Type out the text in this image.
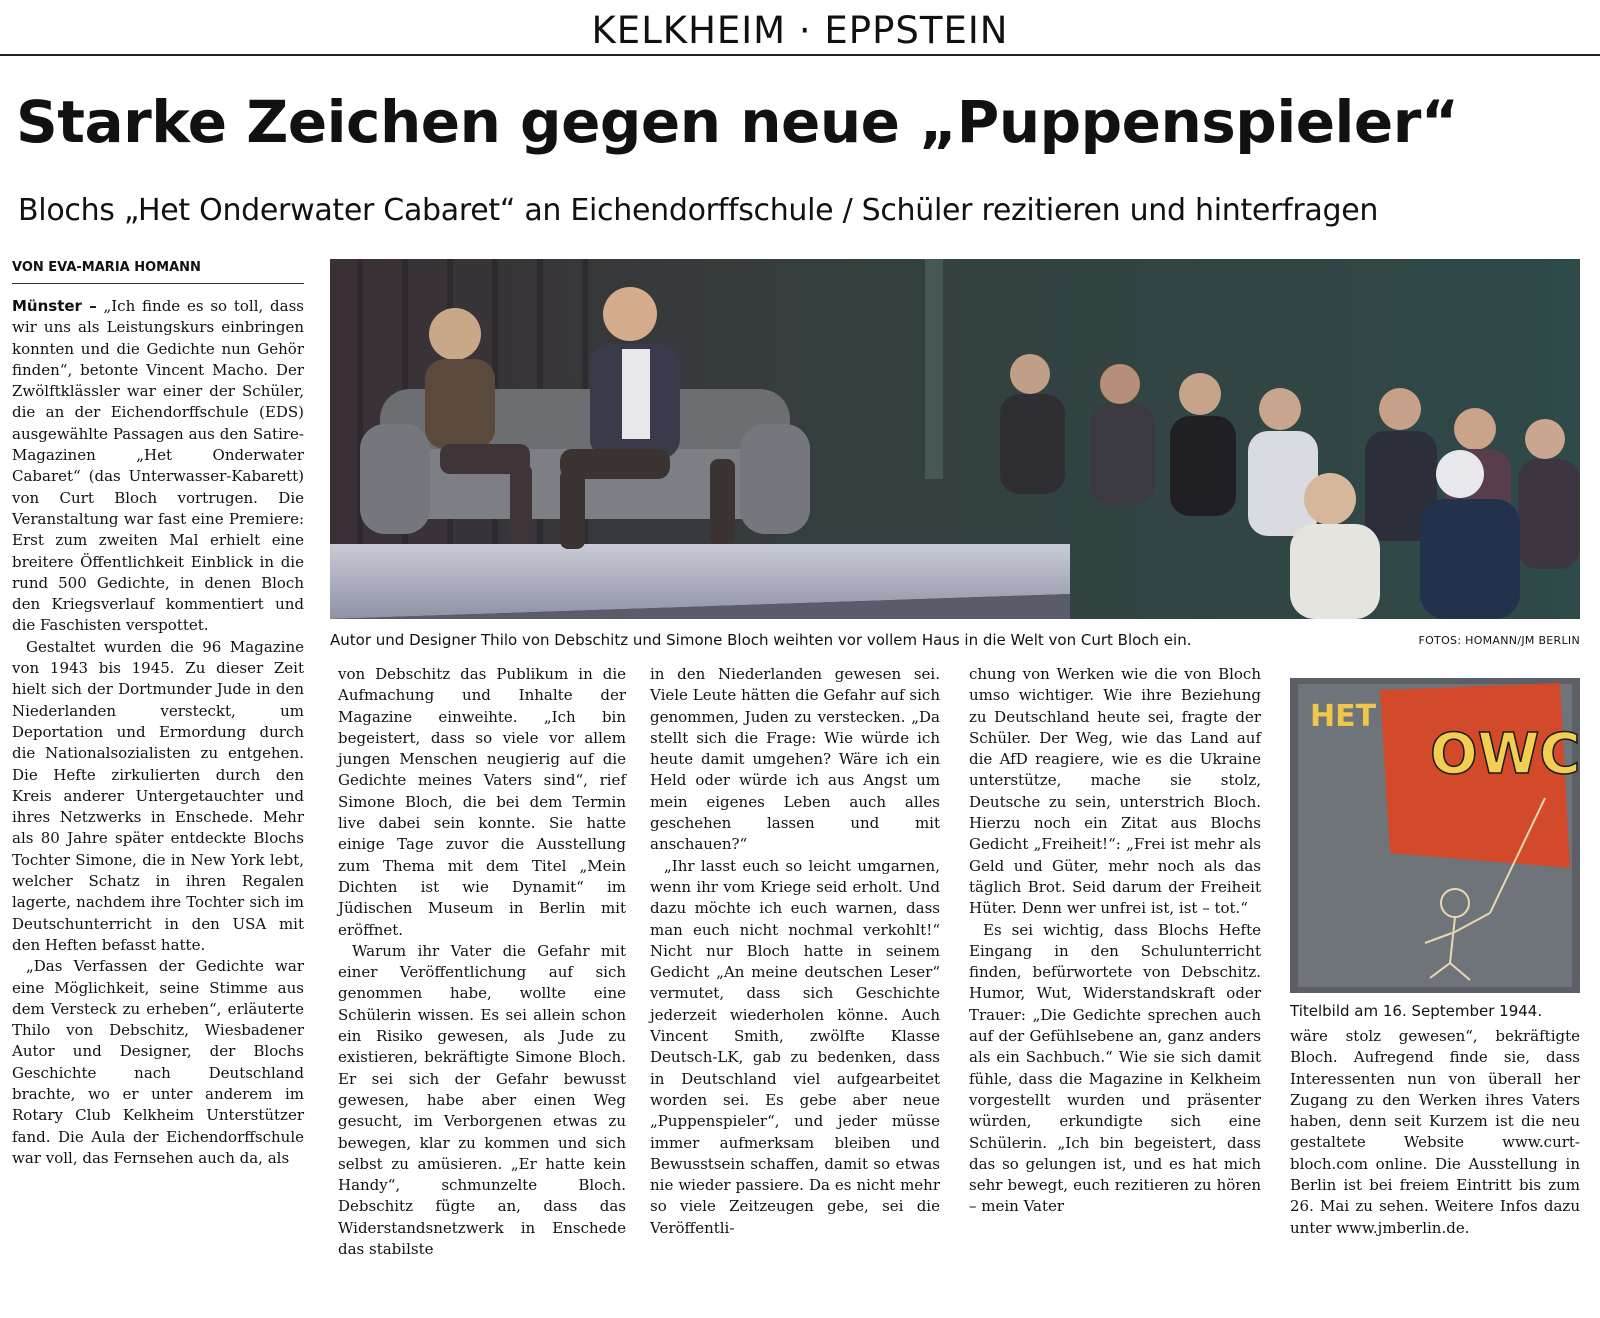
KELKHEIM · EPPSTEIN
Starke Zeichen gegen neue „Puppenspieler“
Blochs „Het Onderwater Cabaret“ an Eichendorffschule / Schüler rezitieren und hinterfragen
VON EVA-MARIA HOMANN

Münster – „Ich finde es so toll, dass wir uns als Leistungskurs einbringen konnten und die Gedichte nun Gehör finden“, betonte Vincent Macho. Der Zwölftklässler war einer der Schüler, die an der Eichendorffschule (EDS) ausgewählte Passagen aus den Satire-Magazinen „Het Onderwater Cabaret“ (das Unterwasser-Kabarett) von Curt Bloch vortrugen. Die Veranstaltung war fast eine Premiere: Erst zum zweiten Mal erhielt eine breitere Öffentlichkeit Einblick in die rund 500 Gedichte, in denen Bloch den Kriegsverlauf kommentiert und die Faschisten verspottet.

Gestaltet wurden die 96 Magazine von 1943 bis 1945. Zu dieser Zeit hielt sich der Dortmunder Jude in den Niederlanden versteckt, um Deportation und Ermordung durch die Nationalsozialisten zu entgehen. Die Hefte zirkulierten durch den Kreis anderer Untergetauchter und ihres Netzwerks in Enschede. Mehr als 80 Jahre später entdeckte Blochs Tochter Simone, die in New York lebt, welcher Schatz in ihren Regalen lagerte, nachdem ihre Tochter sich im Deutschunterricht in den USA mit den Heften befasst hatte.

„Das Verfassen der Gedichte war eine Möglichkeit, seine Stimme aus dem Versteck zu erheben“, erläuterte Thilo von Debschitz, Wiesbadener Autor und Designer, der Blochs Geschichte nach Deutschland brachte, wo er unter anderem im Rotary Club Kelkheim Unterstützer fand. Die Aula der Eichendorffschule war voll, das Fernsehen auch da, als

Autor und Designer Thilo von Debschitz und Simone Bloch weihten vor vollem Haus in die Welt von Curt Bloch ein.	FOTOS: HOMANN/JM BERLIN

von Debschitz das Publikum in die Aufmachung und Inhalte der Magazine einweihte. „Ich bin begeistert, dass so viele vor allem jungen Menschen neugierig auf die Gedichte meines Vaters sind“, rief Simone Bloch, die bei dem Termin live dabei sein konnte. Sie hatte einige Tage zuvor die Ausstellung zum Thema mit dem Titel „Mein Dichten ist wie Dynamit“ im Jüdischen Museum in Berlin mit eröffnet.

Warum ihr Vater die Gefahr mit einer Veröffentlichung auf sich genommen habe, wollte eine Schülerin wissen. Es sei allein schon ein Risiko gewesen, als Jude zu existieren, bekräftigte Simone Bloch. Er sei sich der Gefahr bewusst gewesen, habe aber einen Weg gesucht, im Verborgenen etwas zu bewegen, klar zu kommen und sich selbst zu amüsieren. „Er hatte kein Handy“, schmunzelte Bloch. Debschitz fügte an, dass das Widerstandsnetzwerk in Enschede das stabilste

in den Niederlanden gewesen sei. Viele Leute hätten die Gefahr auf sich genommen, Juden zu verstecken. „Da stellt sich die Frage: Wie würde ich heute damit umgehen? Wäre ich ein Held oder würde ich aus Angst um mein eigenes Leben auch alles geschehen lassen und mit anschauen?“

„Ihr lasst euch so leicht umgarnen, wenn ihr vom Kriege seid erholt. Und dazu möchte ich euch warnen, dass man euch nicht nochmal verkohlt!“ Nicht nur Bloch hatte in seinem Gedicht „An meine deutschen Leser“ vermutet, dass sich Geschichte jederzeit wiederholen könne. Auch Vincent Smith, zwölfte Klasse Deutsch-LK, gab zu bedenken, dass in Deutschland viel aufgearbeitet worden sei. Es gebe aber neue „Puppenspieler“, und jeder müsse immer aufmerksam bleiben und Bewusstsein schaffen, damit so etwas nie wieder passiere. Da es nicht mehr so viele Zeitzeugen gebe, sei die Veröffentli-

chung von Werken wie die von Bloch umso wichtiger. Wie ihre Beziehung zu Deutschland heute sei, fragte der Schüler. Der Weg, wie das Land auf die AfD reagiere, wie es die Ukraine unterstütze, mache sie stolz, Deutsche zu sein, unterstrich Bloch. Hierzu noch ein Zitat aus Blochs Gedicht „Freiheit!“: „Frei ist mehr als Geld und Güter, mehr noch als das täglich Brot. Seid darum der Freiheit Hüter. Denn wer unfrei ist, ist – tot.“

Es sei wichtig, dass Blochs Hefte Eingang in den Schulunterricht finden, befürwortete von Debschitz. Humor, Wut, Widerstandskraft oder Trauer: „Die Gedichte sprechen auch auf der Gefühlsebene an, ganz anders als ein Sachbuch.“ Wie sie sich damit fühle, dass die Magazine in Kelkheim vorgestellt wurden und präsenter würden, erkundigte sich eine Schülerin. „Ich bin begeistert, dass das so gelungen ist, und es hat mich sehr bewegt, euch rezitieren zu hören – mein Vater

HET
OWC
Titelbild am 16. September 1944.

wäre stolz gewesen“, bekräftigte Bloch. Aufregend finde sie, dass Interessenten nun von überall her Zugang zu den Werken ihres Vaters haben, denn seit Kurzem ist die neu gestaltete Website www.curt-bloch.com online. Die Ausstellung in Berlin ist bei freiem Eintritt bis zum 26. Mai zu sehen. Weitere Infos dazu unter www.jmberlin.de.
